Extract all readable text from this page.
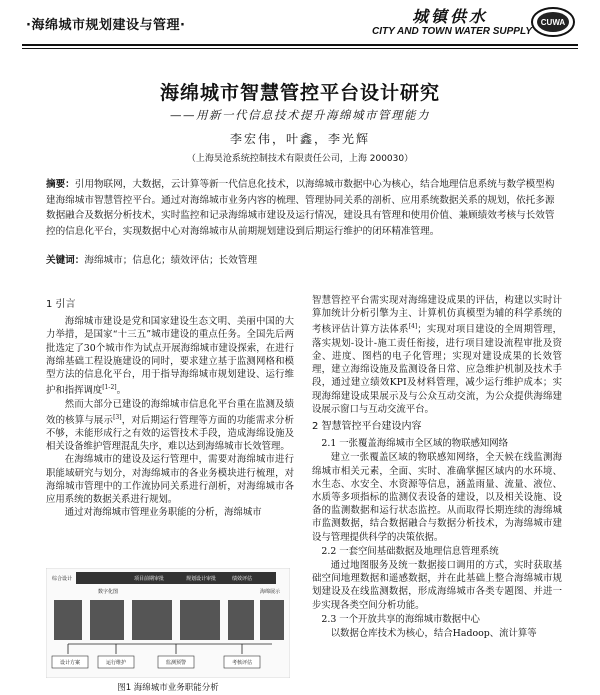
·海绵城市规划建设与管理·	城镇供水
CITY AND TOWN WATER SUPPLY
CUWA
海绵城市智慧管控平台设计研究
——用新一代信息技术提升海绵城市管理能力
李宏伟，叶鑫，李光辉
（上海昊沧系统控制技术有限责任公司，上海 200030）
摘要：引用物联网，大数据，云计算等新一代信息化技术，以海绵城市数据中心为核心，结合地理信息系统与数学模型构建海绵城市智慧管控平台。通过对海绵城市业务内容的梳理、管理协同关系的剖析、应用系统数据关系的规划，依托多源数据融合及数据分析技术，实时监控和记录海绵城市建设及运行情况，建设具有管理和使用价值、兼顾绩效考核与长效管控的信息化平台，实现数据中心对海绵城市从前期规划建设到后期运行维护的闭环精准管理。
关键词：海绵城市；信息化；绩效评估；长效管理
1 引言

海绵城市建设是党和国家建设生态文明、美丽中国的大力举措，是国家“十三五”城市建设的重点任务。全国先后两批选定了30个城市作为试点开展海绵城市建设探索，在进行海绵基础工程设施建设的同时，要求建立基于监测网格和模型方法的信息化平台，用于指导海绵城市规划建设、运行维护和指挥调度[1-2]。

然而大部分已建设的海绵城市信息化平台重在监测及绩效的核算与展示[3]，对后期运行管理等方面的功能需求分析不够，未能形成行之有效的运管技术手段，造成海绵设施及相关设备维护管理混乱失序，难以达到海绵城市长效管理。

在海绵城市的建设及运行管理中，需要对海绵城市进行职能域研究与划分，对海绵城市的各业务模块进行梳理，对海绵城市管理中的工作流协同关系进行剖析，对海绵城市各应用系统的数据关系进行规划。

通过对海绵城市管理业务职能的分析，海绵城市

综合设计
数字化图
项目前期审批	规划设计审批	绩效评估
海绵展示
设计方案	运行维护	监测预警	考核评估
图1 海绵城市业务职能分析

智慧管控平台需实现对海绵建设成果的评估，构建以实时计算加统计分析引擎为主、计算机仿真模型为辅的科学系统的考核评估计算方法体系[4]；实现对项目建设的全周期管理，落实规划-设计-施工责任衔接，进行项目建设流程审批及资金、进度、图档的电子化管理；实现对建设成果的长效管理，建立海绵设施及监测设备日常、应急维护机制及技术手段，通过建立绩效KPI及材料管理，减少运行维护成本；实现海绵建设成果展示及与公众互动交流，为公众提供海绵建设展示窗口与互动交流平台。

2 智慧管控平台建设内容
2.1 一张覆盖海绵城市全区域的物联感知网络

建立一张覆盖区域的物联感知网络，全天候在线监测海绵城市相关元素，全面、实时、准确掌握区域内的水环境、水生态、水安全、水资源等信息，涵盖雨量、流量、液位、水质等多项指标的监测仪表设备的建设，以及相关设施、设备的监测数据和运行状态监控。从而取得长期连续的海绵城市监测数据，结合数据融合与数据分析技术，为海绵城市建设与管理提供科学的决策依据。

2.2 一套空间基础数据及地理信息管理系统

通过地图服务及统一数据接口调用的方式，实时获取基础空间地理数据和遥感数据，并在此基础上整合海绵城市规划建设及在线监测数据，形成海绵城市各类专题图、并进一步实现各类空间分析功能。

2.3 一个开放共享的海绵城市数据中心

以数据仓库技术为核心，结合Hadoop、流计算等
